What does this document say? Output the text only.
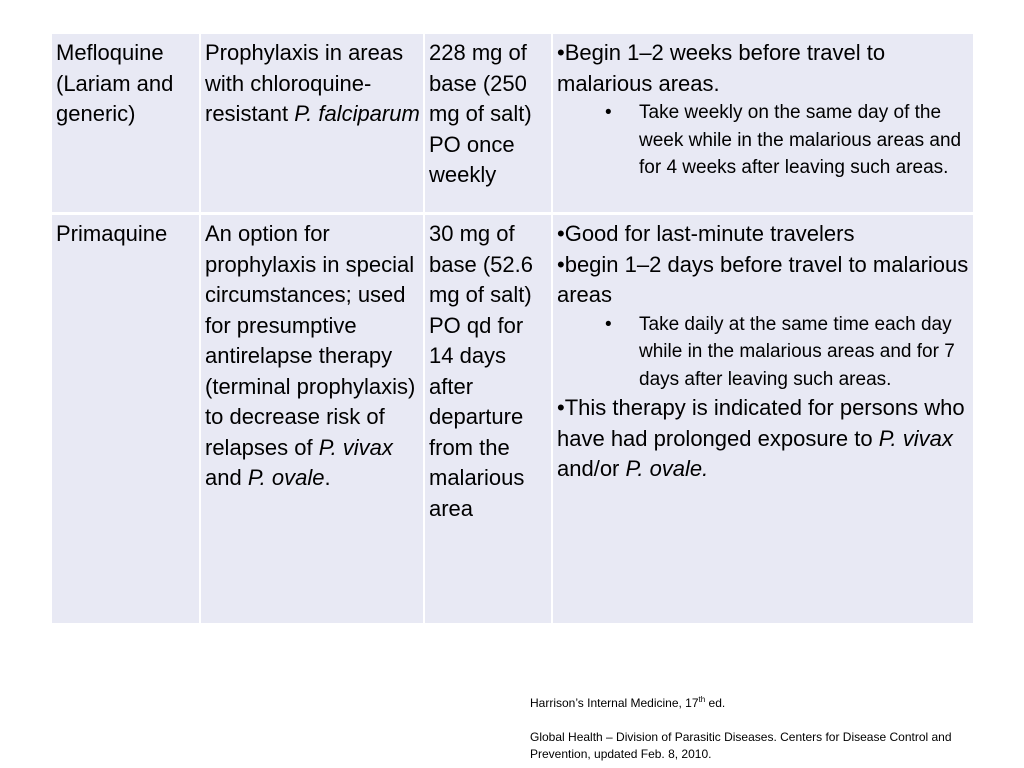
Mefloquine (Lariam and generic)	Prophylaxis in areas with chloroquine-resistant P. falciparum	228 mg of base (250 mg of salt) PO once weekly	•Begin 1–2 weeks before travel to malarious areas.
• Take weekly on the same day of the week while in the malarious areas and for 4 weeks after leaving such areas.

Primaquine	An option for prophylaxis in special circumstances; used for presumptive antirelapse therapy (terminal prophylaxis) to decrease risk of relapses of P. vivax and P. ovale.	30 mg of base (52.6 mg of salt) PO qd for 14 days after departure from the malarious area	•Good for last-minute travelers
•begin 1–2 days before travel to malarious areas
• Take daily at the same time each day while in the malarious areas and for 7 days after leaving such areas.
•This therapy is indicated for persons who have had prolonged exposure to P. vivax and/or P. ovale.

Harrison’s Internal Medicine, 17th ed.

Global Health – Division of Parasitic Diseases. Centers for Disease Control and Prevention, updated Feb. 8, 2010.
